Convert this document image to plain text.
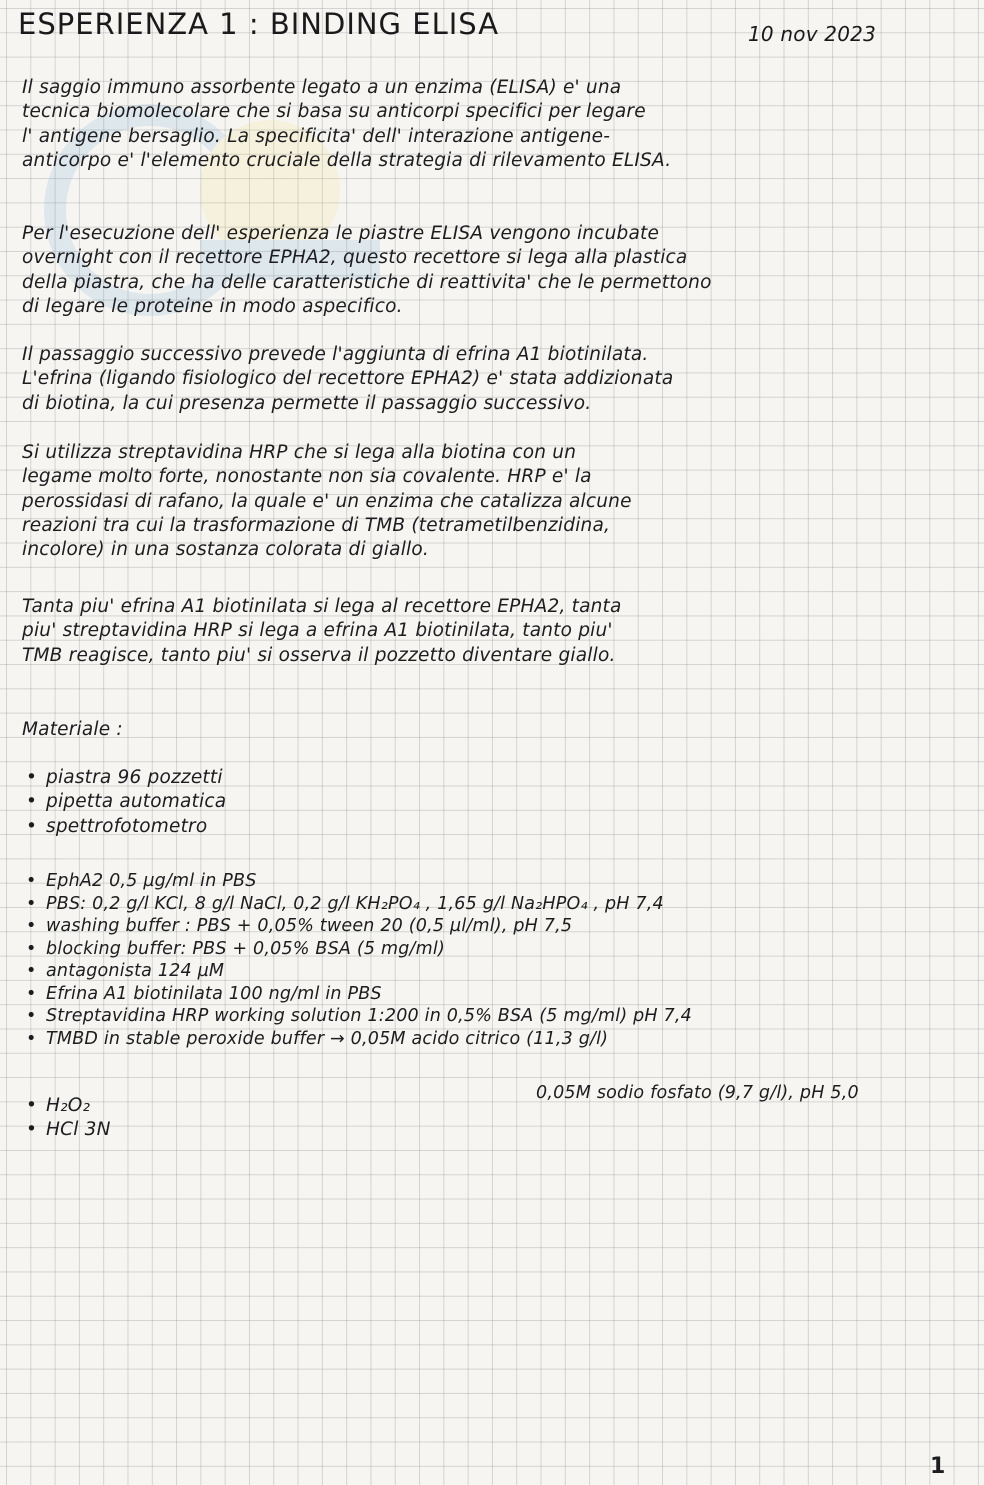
ESPERIENZA 1 : BINDING ELISA	10 nov 2023
Il saggio immuno assorbente legato a un enzima (ELISA) e' una
tecnica biomolecolare che si basa su anticorpi specifici per legare
l' antigene bersaglio. La specificita' dell' interazione antigene-
anticorpo e' l'elemento cruciale della strategia di rilevamento ELISA.
Per l'esecuzione dell' esperienza le piastre ELISA vengono incubate
overnight con il recettore EPHA2, questo recettore si lega alla plastica
della piastra, che ha delle caratteristiche di reattivita' che le permettono
di legare le proteine in modo aspecifico.
Il passaggio successivo prevede l'aggiunta di efrina A1 biotinilata.
L'efrina (ligando fisiologico del recettore EPHA2) e' stata addizionata
di biotina, la cui presenza permette il passaggio successivo.
Si utilizza streptavidina HRP che si lega alla biotina con un
legame molto forte, nonostante non sia covalente. HRP e' la
perossidasi di rafano, la quale e' un enzima che catalizza alcune
reazioni tra cui la trasformazione di TMB (tetrametilbenzidina,
incolore) in una sostanza colorata di giallo.
Tanta piu' efrina A1 biotinilata si lega al recettore EPHA2, tanta
piu' streptavidina HRP si lega a efrina A1 biotinilata, tanto piu'
TMB reagisce, tanto piu' si osserva il pozzetto diventare giallo.
Materiale :
• piastra 96 pozzetti
• pipetta automatica
• spettrofotometro
• EphA2 0,5 µg/ml in PBS
• PBS: 0,2 g/l KCl, 8 g/l NaCl, 0,2 g/l KH₂PO₄ , 1,65 g/l Na₂HPO₄ , pH 7,4
• washing buffer : PBS + 0,05% tween 20 (0,5 µl/ml), pH 7,5
• blocking buffer: PBS + 0,05% BSA (5 mg/ml)
• antagonista 124 µM
• Efrina A1 biotinilata 100 ng/ml in PBS
• Streptavidina HRP working solution 1:200 in 0,5% BSA (5 mg/ml) pH 7,4
• TMBD in stable peroxide buffer → 0,05M acido citrico (11,3 g/l)
0,05M sodio fosfato (9,7 g/l), pH 5,0
• H₂O₂
• HCl 3N
1
